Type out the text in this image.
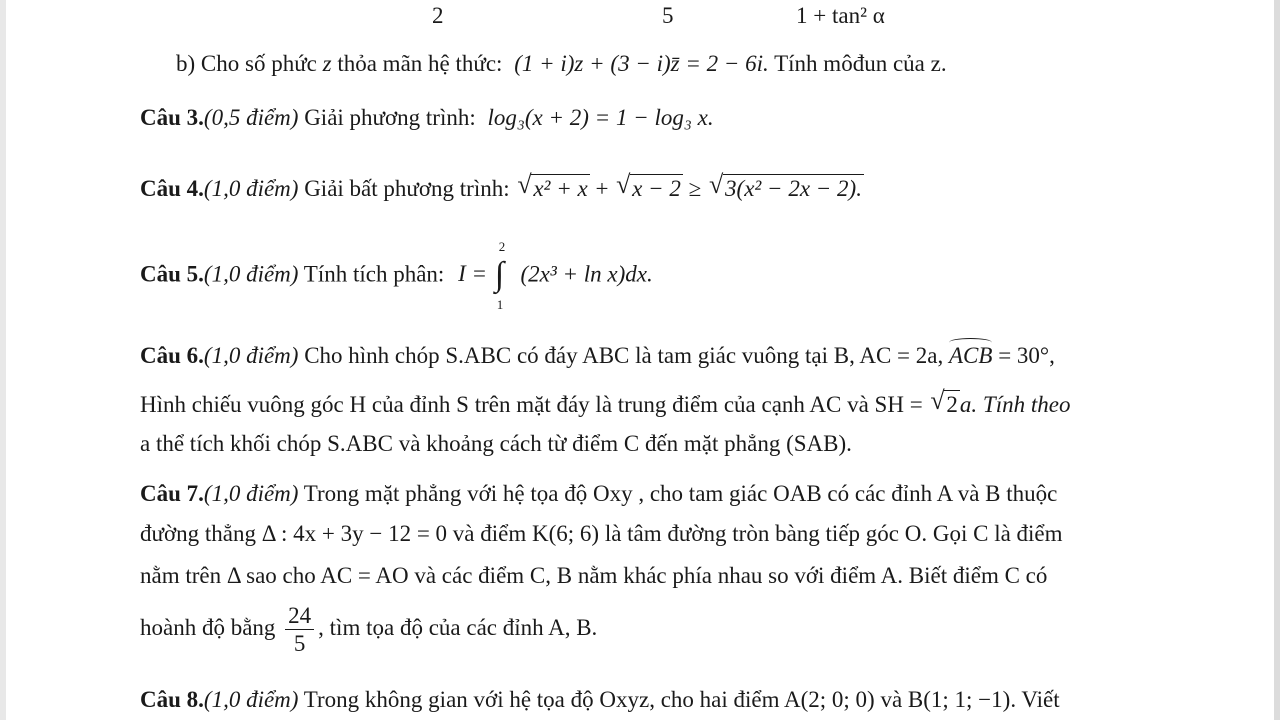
2	5	1 + tan² α
b) Cho số phức z thỏa mãn hệ thức: (1 + i)z + (3 − i)z̄ = 2 − 6i. Tính môđun của z.
Câu 3.(0,5 điểm) Giải phương trình: log₃(x + 2) = 1 − log₃ x.
Câu 4.(1,0 điểm) Giải bất phương trình: √ x² + x + √ x − 2 ≥ √ 3(x² − 2x − 2).
Câu 5.(1,0 điểm) Tính tích phân: I = ∫
2
1
(2x³ + ln x)dx.
Câu 6.(1,0 điểm) Cho hình chóp S.ABC có đáy ABC là tam giác vuông tại B, AC = 2a, ACB = 30°,
Hình chiếu vuông góc H của đỉnh S trên mặt đáy là trung điểm của cạnh AC và SH = √ 2a. Tính theo
a thể tích khối chóp S.ABC và khoảng cách từ điểm C đến mặt phẳng (SAB).
Câu 7.(1,0 điểm) Trong mặt phẳng với hệ tọa độ Oxy , cho tam giác OAB có các đỉnh A và B thuộc
đường thẳng Δ : 4x + 3y − 12 = 0 và điểm K(6; 6) là tâm đường tròn bàng tiếp góc O. Gọi C là điểm
nằm trên Δ sao cho AC = AO và các điểm C, B nằm khác phía nhau so với điểm A. Biết điểm C có
hoành độ bằng $\frac{24}{5}$ , tìm tọa độ của các đỉnh A, B.
Câu 8.(1,0 điểm) Trong không gian với hệ tọa độ Oxyz, cho hai điểm A(2; 0; 0) và B(1; 1; −1). Viết
